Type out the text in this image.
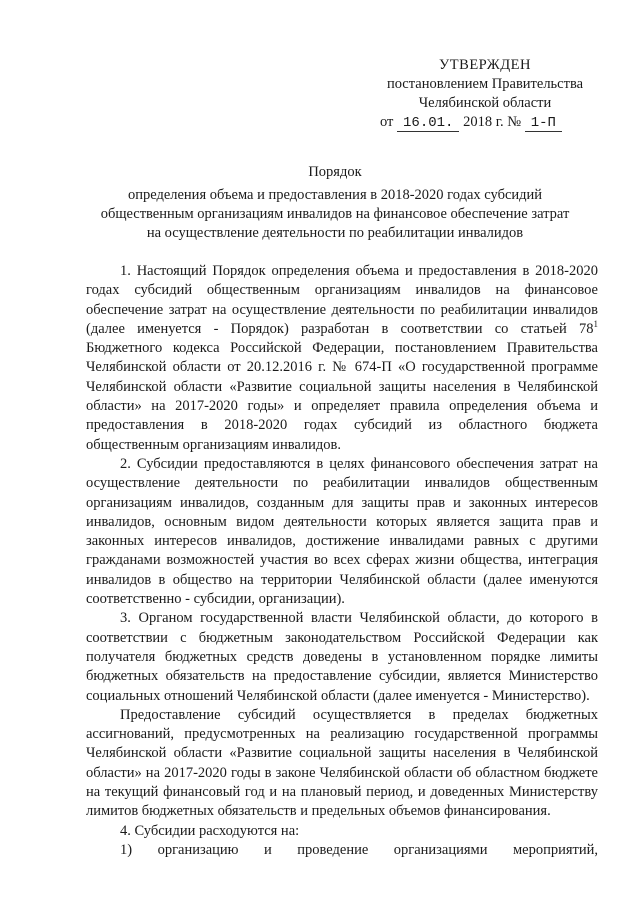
УТВЕРЖДЕН
постановлением Правительства
Челябинской области
от 16.01. 2018 г. № 1-П
Порядок
определения объема и предоставления в 2018-2020 годах субсидий
общественным организациям инвалидов на финансовое обеспечение затрат
на осуществление деятельности по реабилитации инвалидов

1. Настоящий Порядок определения объема и предоставления в 2018-2020 годах субсидий общественным организациям инвалидов на финансовое обеспечение затрат на осуществление деятельности по реабилитации инвалидов (далее именуется - Порядок) разработан в соответствии со статьей $78^1$ Бюджетного кодекса Российской Федерации, постановлением Правительства Челябинской области от 20.12.2016 г. № 674-П «О государственной программе Челябинской области «Развитие социальной защиты населения в Челябинской области» на 2017-2020 годы» и определяет правила определения объема и предоставления в 2018-2020 годах субсидий из областного бюджета общественным организациям инвалидов.

2. Субсидии предоставляются в целях финансового обеспечения затрат на осуществление деятельности по реабилитации инвалидов общественным организациям инвалидов, созданным для защиты прав и законных интересов инвалидов, основным видом деятельности которых является защита прав и законных интересов инвалидов, достижение инвалидами равных с другими гражданами возможностей участия во всех сферах жизни общества, интеграция инвалидов в общество на территории Челябинской области (далее именуются соответственно - субсидии, организации).

3. Органом государственной власти Челябинской области, до которого в соответствии с бюджетным законодательством Российской Федерации как получателя бюджетных средств доведены в установленном порядке лимиты бюджетных обязательств на предоставление субсидии, является Министерство социальных отношений Челябинской области (далее именуется - Министерство).

Предоставление субсидий осуществляется в пределах бюджетных ассигнований, предусмотренных на реализацию государственной программы Челябинской области «Развитие социальной защиты населения в Челябинской области» на 2017-2020 годы в законе Челябинской области об областном бюджете на текущий финансовый год и на плановый период, и доведенных Министерству лимитов бюджетных обязательств и предельных объемов финансирования.

4. Субсидии расходуются на:

1) организацию и проведение организациями мероприятий,
